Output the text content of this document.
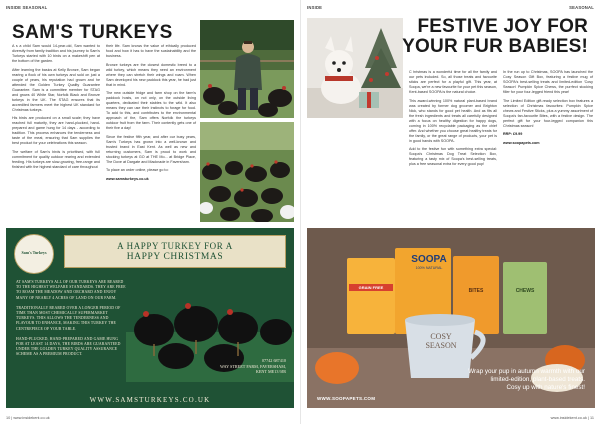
INSIDE SEASONAL
SAM'S TURKEYS

A s a child Sam would 14-year-old, Sam wanted to diversify from family tradition and his journey to Sam's Turkeys started with 10 birds on a makeshift pen at the bottom of the garden.

After learning the basics at Kelly Bronze, Sam began rearing a flock of his own turkeys and sold on just a couple of years, his reputation had grown and he attended the Golden Turkey Quality Guarantee Guarantee. Sam is a committee member for STAG and grows 40 White Star, Norfolk Black and Bronze turkeys in the UK. The STAG ensures that its accredited farmers meet the highest UK standard for Christmas turkeys.

His birds are produced on a small scale; they have reached full maturity, they are hand-plucked, hand-prepared and game hung for 14 days - according to tradition. This process enhances the tenderness and taste of the meat, ensuring that Sam supplies the best product for your celebrations this season.

The welfare of Sam's birds is prioritised, with full commitment for quality outdoor rearing and extended feeding. His turkeys are slow-growing, free-range and finished with the highest standard of care throughout

their life. Sam knows the value of ethically produced food and how it has to have the sustainability and the business.

Bronze turkeys are the closest domestic breed to a wild turkey, which means they need an environment where they can stretch their wings and roam. When Sam developed his new paddock this year, he had just that in mind.

The new outside fridge and farm shop on the farm's paddock hosts, on not only, on the outside living quarters, dedicated their stables to the wild. It also means they can use their instincts to forage for food. To add to this, and contributes to the environmental approach of the, Sam offers Norfolk the turkeys outdoor fruit from the farm. Their contently gets one of their five a day!

Since the festive fifth year, and after our busy years, Sam's Turkeys has grown into a well-known and trusted brand in East Kent. As well as new and returning customers, Sam is proud to work and stocking turkeys at GO at THE Mo... at Bridge Place, The Dove at Dargate and Macknade in Faversham.

To place an order online, please go to:

www.samsturkeys.co.uk

Sam's Turkeys
A HAPPY TURKEY FOR A
HAPPY CHRISTMAS

AT SAM'S TURKEYS ALL OF OUR TURKEYS ARE REARED TO THE HIGHEST WELFARE STANDARDS. THEY ARE FREE TO ROAM THE MEADOW AND ORCHARD AND ENJOY MANY OF NEARLY 4 ACRES OF LAND ON OUR FARM.

TRADITIONALLY REARED OVER A LONGER PERIOD OF TIME THAN MOST CHEMICALLY SUPERMARKET TURKEYS. THIS ALLOWS THE TENDERNESS AND FLAVOUR TO ENHANCE, MAKING THIS TURKEY THE CENTREPIECE OF YOUR TABLE.

HAND-PLUCKED, HAND-PREPARED AND GAME HUNG FOR AT LEAST 14 DAYS, THE BIRDS ARE GUARANTEED UNDER THE GOLDEN TURKEY QUALITY ASSURANCE SCHEME AS A PREMIUM PRODUCT.

07742 687410
WAY STREET FARM, FAVERSHAM,
KENT ME13 9JR
WWW.SAMSTURKEYS.CO.UK
10 | www.insidekent.co.uk
INSIDE	SEASONAL
FESTIVE JOY FOR
YOUR FUR BABIES!

C hristmas is a wonderful time for all the family and our pets included. So, all those treats and favourite sticks are perfect for a playful gift. This year, at Soopa, we're a new favourite for your pet this season, Kent-based SOOPA is the natural choice.

This award-winning 100% natural plant-based brand was created by former dog groomer and Brighton Nick, who stands for good pet health. And as fits all the fresh ingredients and treats all carefully designed with a focus on healthy digestion for happy dogs, coming in 100% recyclable packaging as the chief offer. And whether you choose great healthy treats for the family, or the great range of products, your pet is in good hands with SOOPA.

Add to the festive fun with something extra special: Soopa's Christmas Dog Treat Selection Box, featuring a tasty mix of Soopa's best-selling treats, plus a free seasonal extra for every good pup!

In the run up to Christmas, SOOPA has launched the Cosy Season Gift Box, featuring a festive mug of SOOPA's best-selling treats and limited-edition 'Cosy Season' Pumpkin Spice Chews, the purrfect stocking filler for your four-legged friend this year!

The Limited Edition gift-ready selection box features a selection of Christmas favourites: Pumpkin Spice chews and Festive Sticks, plus a yummy assortment of Soopa's fan-favourite Bites, with a festive design. The perfect gift for your four-legged companion this Christmas season!

RRP: £9.99

www.soopapets.com

SOOPA
100% NATURAL
GRAIN FREE
BITES	CHEWS
COSY
SEASON
Wrap your pup in autumn warmth with our
limited-edition, plant-based treats.
Cosy up with nature's finest!
WWW.SOOPAPETS.COM
www.insidekent.co.uk | 11
